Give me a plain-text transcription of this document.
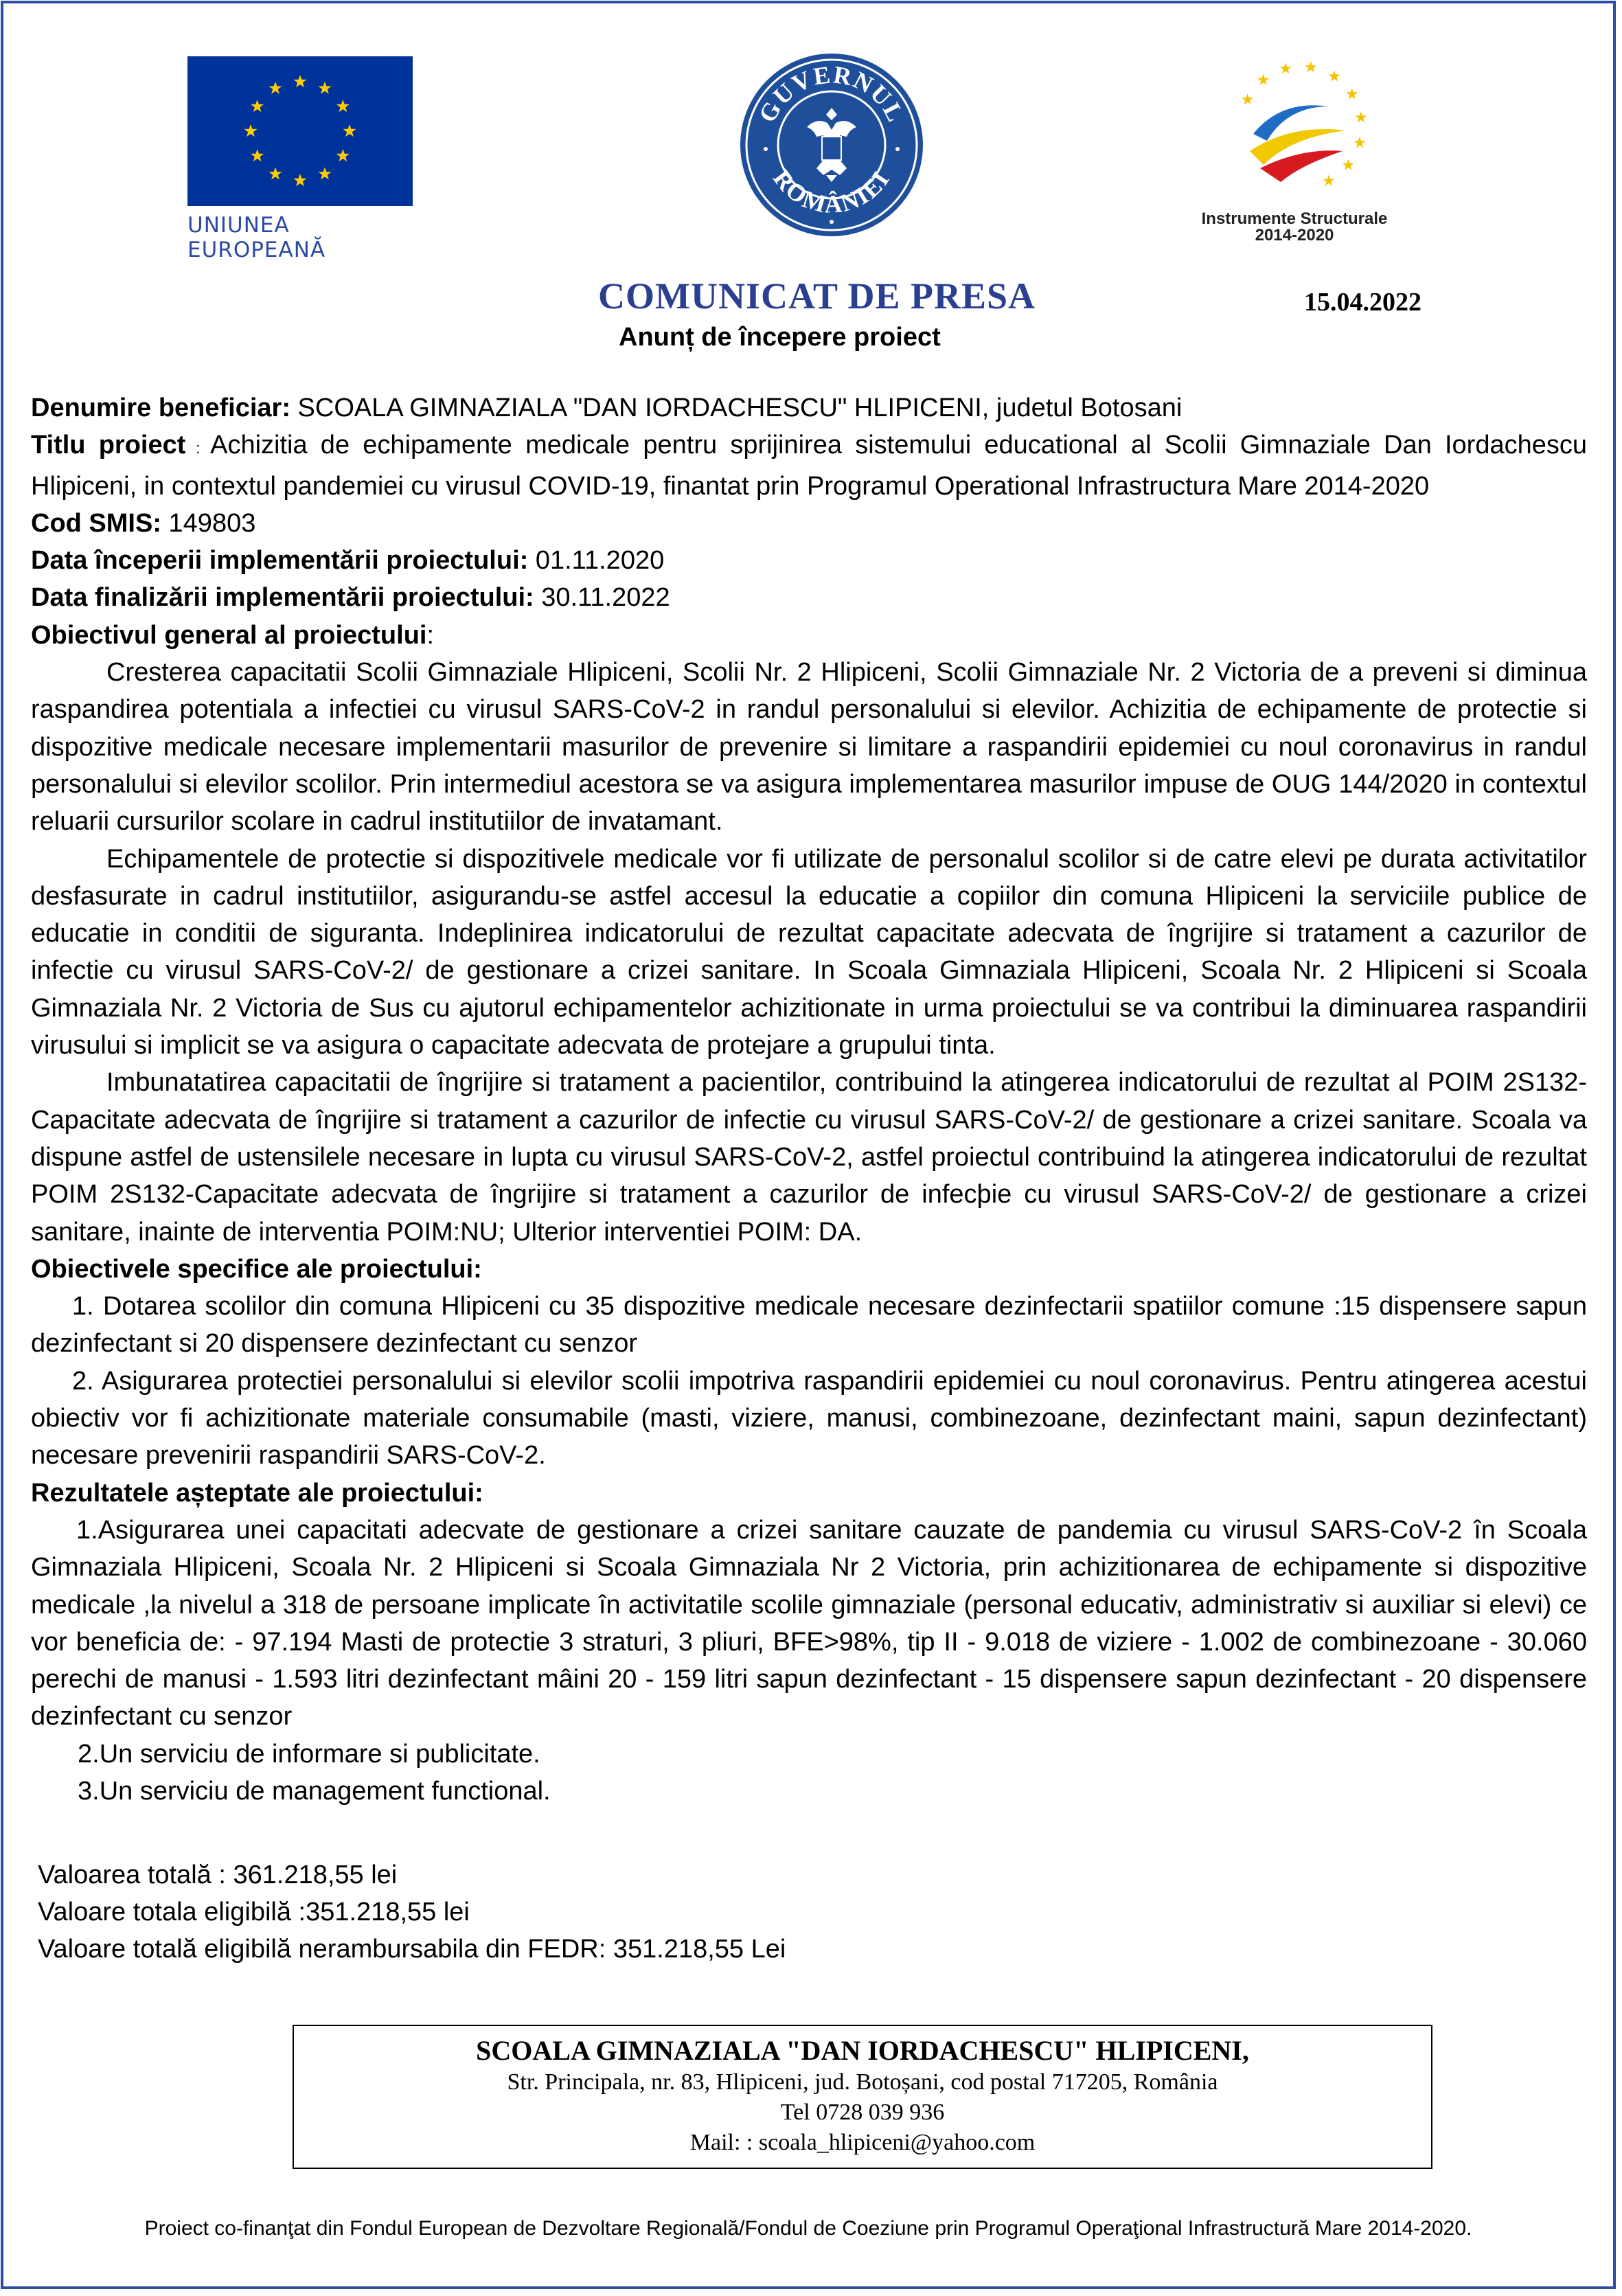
UNIUNEA EUROPEANĂ
GUVERNUL
ROMÂNIEI
Instrumente Structurale
2014-2020
COMUNICAT DE PRESA	15.04.2022
Anunț de începere proiect

Denumire beneficiar: SCOALA GIMNAZIALA "DAN IORDACHESCU" HLIPICENI, judetul Botosani

Titlu proiect : Achizitia de echipamente medicale pentru sprijinirea sistemului educational al Scolii Gimnaziale Dan Iordachescu Hlipiceni, in contextul pandemiei cu virusul COVID-19, finantat prin Programul Operational Infrastructura Mare 2014-2020

Cod SMIS: 149803

Data începerii implementării proiectului: 01.11.2020

Data finalizării implementării proiectului: 30.11.2022

Obiectivul general al proiectului:

Cresterea capacitatii Scolii Gimnaziale Hlipiceni, Scolii Nr. 2 Hlipiceni, Scolii Gimnaziale Nr. 2 Victoria de a preveni si diminua raspandirea potentiala a infectiei cu virusul SARS-CoV-2 in randul personalului si elevilor. Achizitia de echipamente de protectie si dispozitive medicale necesare implementarii masurilor de prevenire si limitare a raspandirii epidemiei cu noul coronavirus in randul personalului si elevilor scolilor. Prin intermediul acestora se va asigura implementarea masurilor impuse de OUG 144/2020 in contextul reluarii cursurilor scolare in cadrul institutiilor de invatamant.

Echipamentele de protectie si dispozitivele medicale vor fi utilizate de personalul scolilor si de catre elevi pe durata activitatilor desfasurate in cadrul institutiilor, asigurandu-se astfel accesul la educatie a copiilor din comuna Hlipiceni la serviciile publice de educatie in conditii de siguranta. Indeplinirea indicatorului de rezultat capacitate adecvata de îngrijire si tratament a cazurilor de infectie cu virusul SARS-CoV-2/ de gestionare a crizei sanitare. In Scoala Gimnaziala Hlipiceni, Scoala Nr. 2 Hlipiceni si Scoala Gimnaziala Nr. 2 Victoria de Sus cu ajutorul echipamentelor achizitionate in urma proiectului se va contribui la diminuarea raspandirii virusului si implicit se va asigura o capacitate adecvata de protejare a grupului tinta.

Imbunatatirea capacitatii de îngrijire si tratament a pacientilor, contribuind la atingerea indicatorului de rezultat al POIM 2S132-Capacitate adecvata de îngrijire si tratament a cazurilor de infectie cu virusul SARS-CoV-2/ de gestionare a crizei sanitare. Scoala va dispune astfel de ustensilele necesare in lupta cu virusul SARS-CoV-2, astfel proiectul contribuind la atingerea indicatorului de rezultat POIM 2S132-Capacitate adecvata de îngrijire si tratament a cazurilor de infecþie cu virusul SARS-CoV-2/ de gestionare a crizei sanitare, inainte de interventia POIM:NU; Ulterior interventiei POIM: DA.

Obiectivele specifice ale proiectului:

1. Dotarea scolilor din comuna Hlipiceni cu 35 dispozitive medicale necesare dezinfectarii spatiilor comune :15 dispensere sapun dezinfectant si 20 dispensere dezinfectant cu senzor

2. Asigurarea protectiei personalului si elevilor scolii impotriva raspandirii epidemiei cu noul coronavirus. Pentru atingerea acestui obiectiv vor fi achizitionate materiale consumabile (masti, viziere, manusi, combinezoane, dezinfectant maini, sapun dezinfectant) necesare prevenirii raspandirii SARS-CoV-2.

Rezultatele așteptate ale proiectului:

1.Asigurarea unei capacitati adecvate de gestionare a crizei sanitare cauzate de pandemia cu virusul SARS-CoV-2 în Scoala Gimnaziala Hlipiceni, Scoala Nr. 2 Hlipiceni si Scoala Gimnaziala Nr 2 Victoria, prin achizitionarea de echipamente si dispozitive medicale ,la nivelul a 318 de persoane implicate în activitatile scolile gimnaziale (personal educativ, administrativ si auxiliar si elevi) ce vor beneficia de: - 97.194 Masti de protectie 3 straturi, 3 pliuri, BFE>98%, tip II - 9.018 de viziere - 1.002 de combinezoane - 30.060 perechi de manusi - 1.593 litri dezinfectant mâini 20 - 159 litri sapun dezinfectant - 15 dispensere sapun dezinfectant - 20 dispensere dezinfectant cu senzor

2.Un serviciu de informare si publicitate.

3.Un serviciu de management functional.

Valoarea totală : 361.218,55 lei
Valoare totala eligibilă :351.218,55 lei
Valoare totală eligibilă nerambursabila din FEDR: 351.218,55 Lei
SCOALA GIMNAZIALA "DAN IORDACHESCU" HLIPICENI,
Str. Principala, nr. 83, Hlipiceni, jud. Botoșani, cod postal 717205, România
Tel 0728 039 936
Mail: : scoala_hlipiceni@yahoo.com
Proiect co-finanţat din Fondul European de Dezvoltare Regională/Fondul de Coeziune prin Programul Operaţional Infrastructură Mare 2014-2020.
